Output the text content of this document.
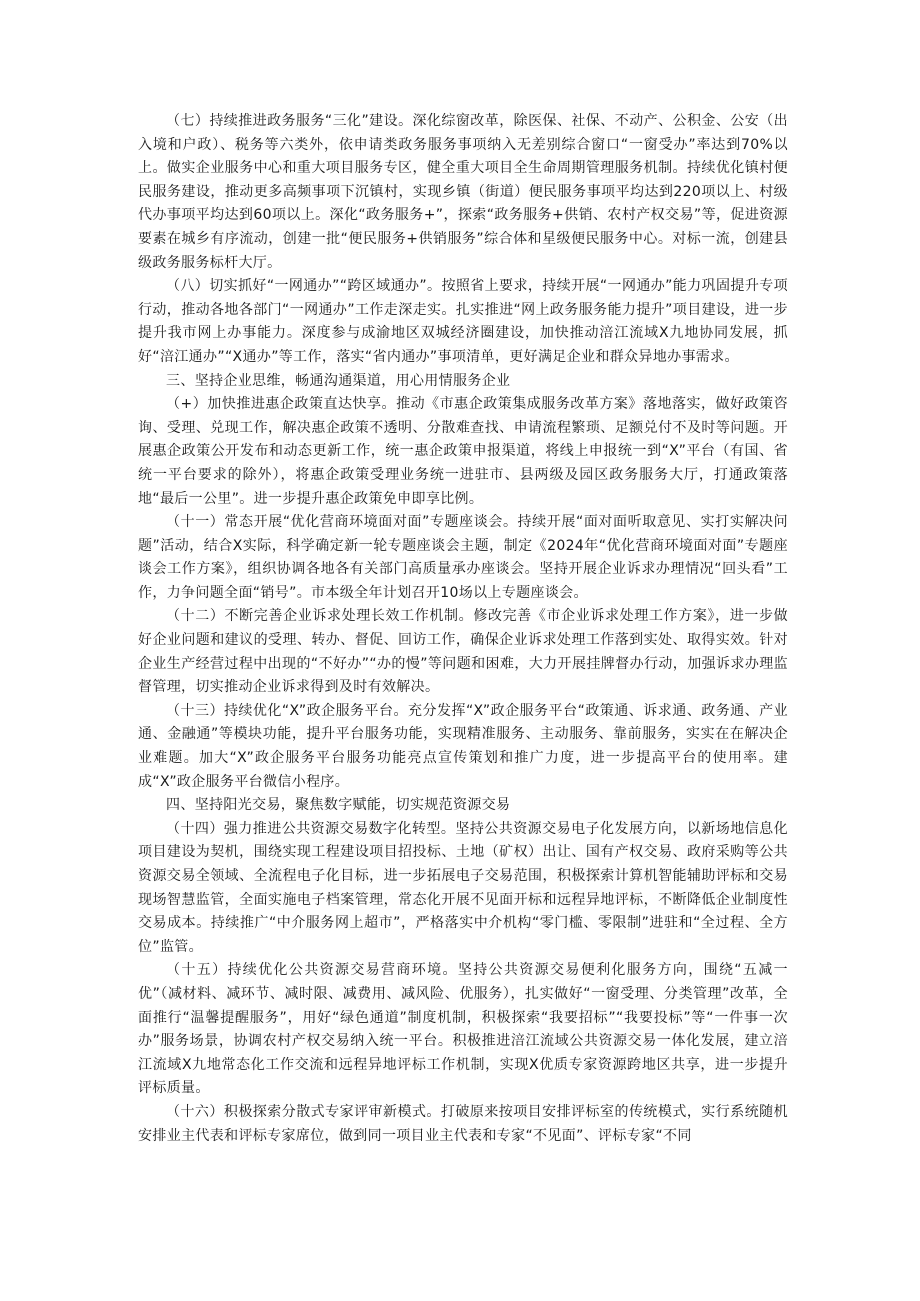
（七）持续推进政务服务“三化”建设。深化综窗改革，除医保、社保、不动产、公积金、公安（出入境和户政）、税务等六类外，依申请类政务服务事项纳入无差别综合窗口“一窗受办”率达到70%以上。做实企业服务中心和重大项目服务专区，健全重大项目全生命周期管理服务机制。持续优化镇村便民服务建设，推动更多高频事项下沉镇村，实现乡镇（街道）便民服务事项平均达到220项以上、村级代办事项平均达到60项以上。深化“政务服务+”，探索“政务服务+供销、农村产权交易”等，促进资源要素在城乡有序流动，创建一批“便民服务+供销服务”综合体和星级便民服务中心。对标一流，创建县级政务服务标杆大厅。

（八）切实抓好“一网通办”“跨区域通办”。按照省上要求，持续开展“一网通办”能力巩固提升专项行动，推动各地各部门“一网通办”工作走深走实。扎实推进“网上政务服务能力提升”项目建设，进一步提升我市网上办事能力。深度参与成渝地区双城经济圈建设，加快推动涪江流域X九地协同发展，抓好“涪江通办”“X通办”等工作，落实“省内通办”事项清单，更好满足企业和群众异地办事需求。

三、坚持企业思维，畅通沟通渠道，用心用情服务企业

（+）加快推进惠企政策直达快享。推动《市惠企政策集成服务改革方案》落地落实，做好政策咨询、受理、兑现工作，解决惠企政策不透明、分散难查找、申请流程繁琐、足额兑付不及时等问题。开展惠企政策公开发布和动态更新工作，统一惠企政策申报渠道，将线上申报统一到“X”平台（有国、省统一平台要求的除外），将惠企政策受理业务统一进驻市、县两级及园区政务服务大厅，打通政策落地“最后一公里”。进一步提升惠企政策免申即享比例。

（十一）常态开展“优化营商环境面对面”专题座谈会。持续开展“面对面听取意见、实打实解决问题”活动，结合X实际，科学确定新一轮专题座谈会主题，制定《2024年“优化营商环境面对面”专题座谈会工作方案》，组织协调各地各有关部门高质量承办座谈会。坚持开展企业诉求办理情况“回头看”工作，力争问题全面“销号”。市本级全年计划召开10场以上专题座谈会。

（十二）不断完善企业诉求处理长效工作机制。修改完善《市企业诉求处理工作方案》，进一步做好企业问题和建议的受理、转办、督促、回访工作，确保企业诉求处理工作落到实处、取得实效。针对企业生产经营过程中出现的“不好办”“办的慢”等问题和困难，大力开展挂牌督办行动，加强诉求办理监督管理，切实推动企业诉求得到及时有效解决。

（十三）持续优化“X”政企服务平台。充分发挥“X”政企服务平台“政策通、诉求通、政务通、产业通、金融通”等模块功能，提升平台服务功能，实现精准服务、主动服务、靠前服务，实实在在解决企业难题。加大“X”政企服务平台服务功能亮点宣传策划和推广力度，进一步提高平台的使用率。建成“X”政企服务平台微信小程序。

四、坚持阳光交易，聚焦数字赋能，切实规范资源交易

（十四）强力推进公共资源交易数字化转型。坚持公共资源交易电子化发展方向，以新场地信息化项目建设为契机，围绕实现工程建设项目招投标、土地（矿权）出让、国有产权交易、政府采购等公共资源交易全领域、全流程电子化目标，进一步拓展电子交易范围，积极探索计算机智能辅助评标和交易现场智慧监管，全面实施电子档案管理，常态化开展不见面开标和远程异地评标，不断降低企业制度性交易成本。持续推广“中介服务网上超市”，严格落实中介机构“零门槛、零限制”进驻和“全过程、全方位”监管。

（十五）持续优化公共资源交易营商环境。坚持公共资源交易便利化服务方向，围绕“五减一优”（减材料、减环节、减时限、减费用、减风险、优服务），扎实做好“一窗受理、分类管理”改革，全面推行“温馨提醒服务”，用好“绿色通道”制度机制，积极探索“我要招标”“我要投标”等“一件事一次办”服务场景，协调农村产权交易纳入统一平台。积极推进涪江流域公共资源交易一体化发展，建立涪江流域X九地常态化工作交流和远程异地评标工作机制，实现X优质专家资源跨地区共享，进一步提升评标质量。

（十六）积极探索分散式专家评审新模式。打破原来按项目安排评标室的传统模式，实行系统随机安排业主代表和评标专家席位，做到同一项目业主代表和专家“不见面”、评标专家“不同
